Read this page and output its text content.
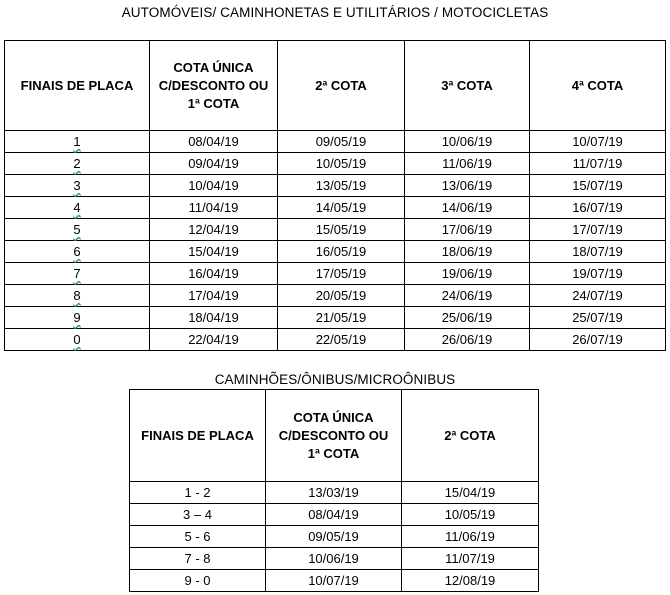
AUTOMÓVEIS/ CAMINHONETAS E UTILITÁRIOS / MOTOCICLETAS
FINAIS DE PLACA	COTA ÚNICA C/DESCONTO OU 1ª COTA	2ª COTA	3ª COTA	4ª COTA
1	08/04/19	09/05/19	10/06/19	10/07/19
2	09/04/19	10/05/19	11/06/19	11/07/19
3	10/04/19	13/05/19	13/06/19	15/07/19
4	11/04/19	14/05/19	14/06/19	16/07/19
5	12/04/19	15/05/19	17/06/19	17/07/19
6	15/04/19	16/05/19	18/06/19	18/07/19
7	16/04/19	17/05/19	19/06/19	19/07/19
8	17/04/19	20/05/19	24/06/19	24/07/19
9	18/04/19	21/05/19	25/06/19	25/07/19
0	22/04/19	22/05/19	26/06/19	26/07/19
CAMINHÕES/ÔNIBUS/MICROÔNIBUS
FINAIS DE PLACA	COTA ÚNICA C/DESCONTO OU 1ª COTA	2ª COTA
1 - 2	13/03/19	15/04/19
3 – 4	08/04/19	10/05/19
5 - 6	09/05/19	11/06/19
7 - 8	10/06/19	11/07/19
9 - 0	10/07/19	12/08/19
